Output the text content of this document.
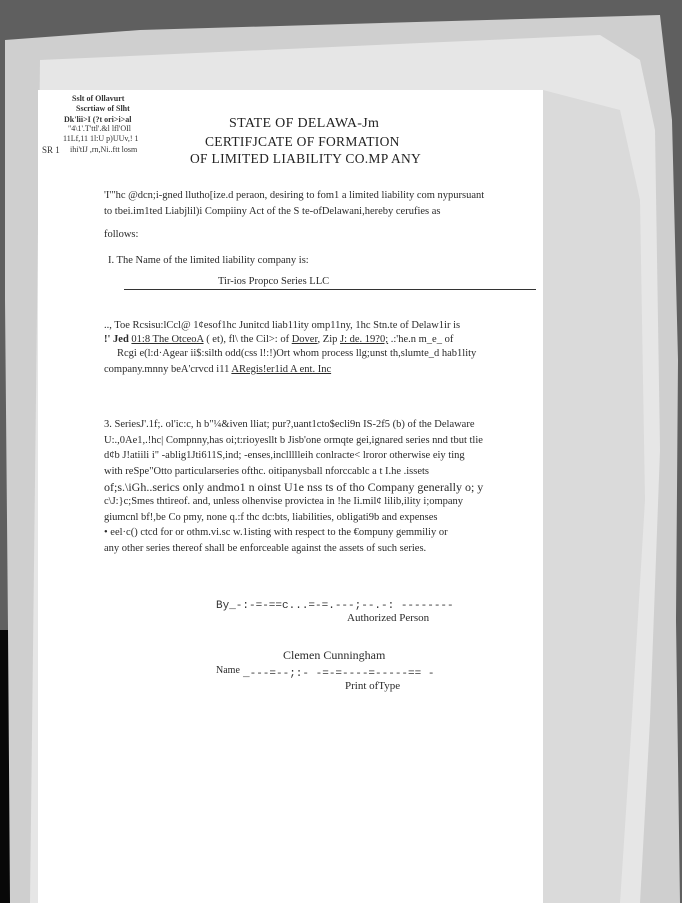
Sslt of Ollavurt
Sscrtiaw of Slht
Dk'lii>I (?t ori>i>al
"4\1'.T'ttl'.&l lfl'OIl
11Lf,11 1l:U p)UUv,! 1
SR 1 ihi'tIJ ,rn,Ni..ftt losm
STATE OF DELAWA-Jm
CERTIFJCATE OF FORMATION
OF LIMITED LIABILITY CO.MP ANY
'I'"hc @dcn;i-gned llutho[ize.d peraon, desiring to fom1 a limited liability com nypursuant
to tbei.im1ted Liabjlil)i Compiiny Act of the S te-ofDelawani,hereby cerufies as
follows:
I. The Name of the limited liability company is:
Tir-ios Propco Series LLC
.., Toe Rcsisu:lCcl@ 1¢esof1hc Junitcd liab11ity omp11ny, 1hc Stn.te of Delaw1ir is
!' Jed 01:8 The OtceoA ( et), fl\ the Cil>: of Dover, Zip J: de. 19?0; .:'he.n m_e_ of
Rcgi e(l:d·Agear ii$:silth odd(css l!:!)Ort whom process llg;unst th,slumte_d hab1lity
company.mnny beA'crvcd i11 ARegis!er1id A ent. Inc
3. SeriesJ'.1f;. ol'ic:c, h b"¼&iven lliat; pur?,uant1cto$ecli9n IS-2f5 (b) of the Delaware
U:.,0Ae1,.!hc| Compnny,has oi;t:rioyesllt b Jisb'one ormqte gei,ignared series nnd tbut tlie
d¢b J!atiili i" -ablig1Jti611S,ind; -enses,incllllleih conlracte< lroror otherwise eiy ting
with reSpe"Otto particularseries ofthc. oitipanysball nforccablc a t I.he .issets
of;s.\iGh..serics only andmo1 n oinst U1e nss ts of tho Company generally o; y
c\J:}c;Smes thtireof. and, unless olhenvise provictea in !he Ii.mil¢ lilib,ility i;ompany
giumcnl bf!,be Co pmy, none q.:f thc dc:bts, liabilities, obligati9b and expenses
• eel·c() ctcd for or othm.vi.sc w.1isting with respect to the €ompuny gemmiliy or
any other series thereof shall be enforceable against the assets of such series.
By_-:-=-==c...=-=.---;--.-: --------
Authorized Person
Clemen Cunningham
Name _---=--;:- -=-=----=-----== -
Print ofType
